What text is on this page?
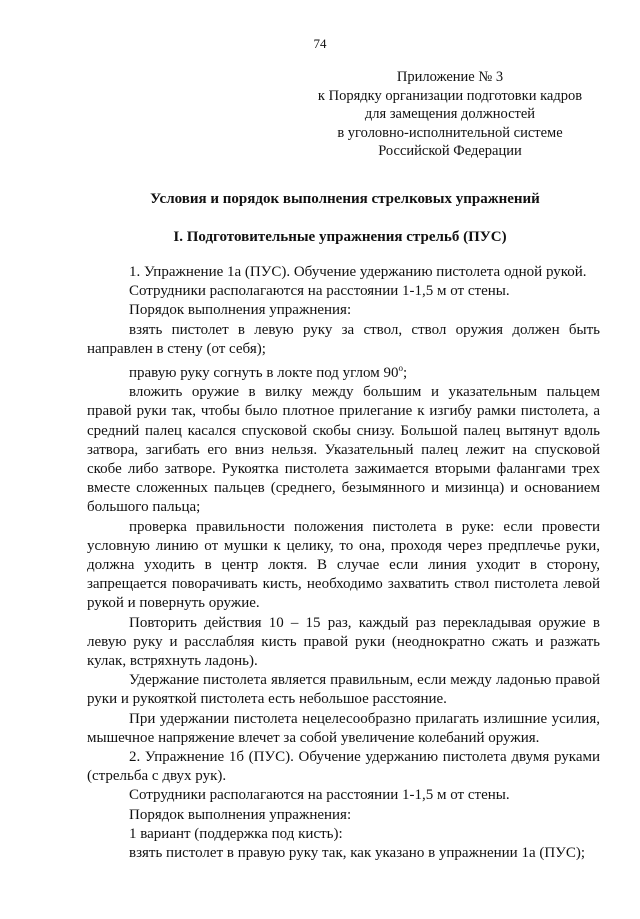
74
Приложение № 3
к Порядку организации подготовки кадров
для замещения должностей
в уголовно-исполнительной системе
Российской Федерации
Условия и порядок выполнения стрелковых упражнений
I. Подготовительные упражнения стрельб (ПУС)

1. Упражнение 1а (ПУС). Обучение удержанию пистолета одной рукой.

Сотрудники располагаются на расстоянии 1-1,5 м от стены.

Порядок выполнения упражнения:

взять пистолет в левую руку за ствол, ствол оружия должен быть направлен в стену (от себя);

правую руку согнуть в локте под углом 90$^o$;

вложить оружие в вилку между большим и указательным пальцем правой руки так, чтобы было плотное прилегание к изгибу рамки пистолета, а средний палец касался спусковой скобы снизу. Большой палец вытянут вдоль затвора, загибать его вниз нельзя. Указательный палец лежит на спусковой скобе либо затворе. Рукоятка пистолета зажимается вторыми фалангами трех вместе сложенных пальцев (среднего, безымянного и мизинца) и основанием большого пальца;

проверка правильности положения пистолета в руке: если провести условную линию от мушки к целику, то она, проходя через предплечье руки, должна уходить в центр локтя. В случае если линия уходит в сторону, запрещается поворачивать кисть, необходимо захватить ствол пистолета левой рукой и повернуть оружие.

Повторить действия 10 – 15 раз, каждый раз перекладывая оружие в левую руку и расслабляя кисть правой руки (неоднократно сжать и разжать кулак, встряхнуть ладонь).

Удержание пистолета является правильным, если между ладонью правой руки и рукояткой пистолета есть небольшое расстояние.

При удержании пистолета нецелесообразно прилагать излишние усилия, мышечное напряжение влечет за собой увеличение колебаний оружия.

2. Упражнение 1б (ПУС). Обучение удержанию пистолета двумя руками (стрельба с двух рук).

Сотрудники располагаются на расстоянии 1-1,5 м от стены.

Порядок выполнения упражнения:

1 вариант (поддержка под кисть):

взять пистолет в правую руку так, как указано в упражнении 1а (ПУС);
